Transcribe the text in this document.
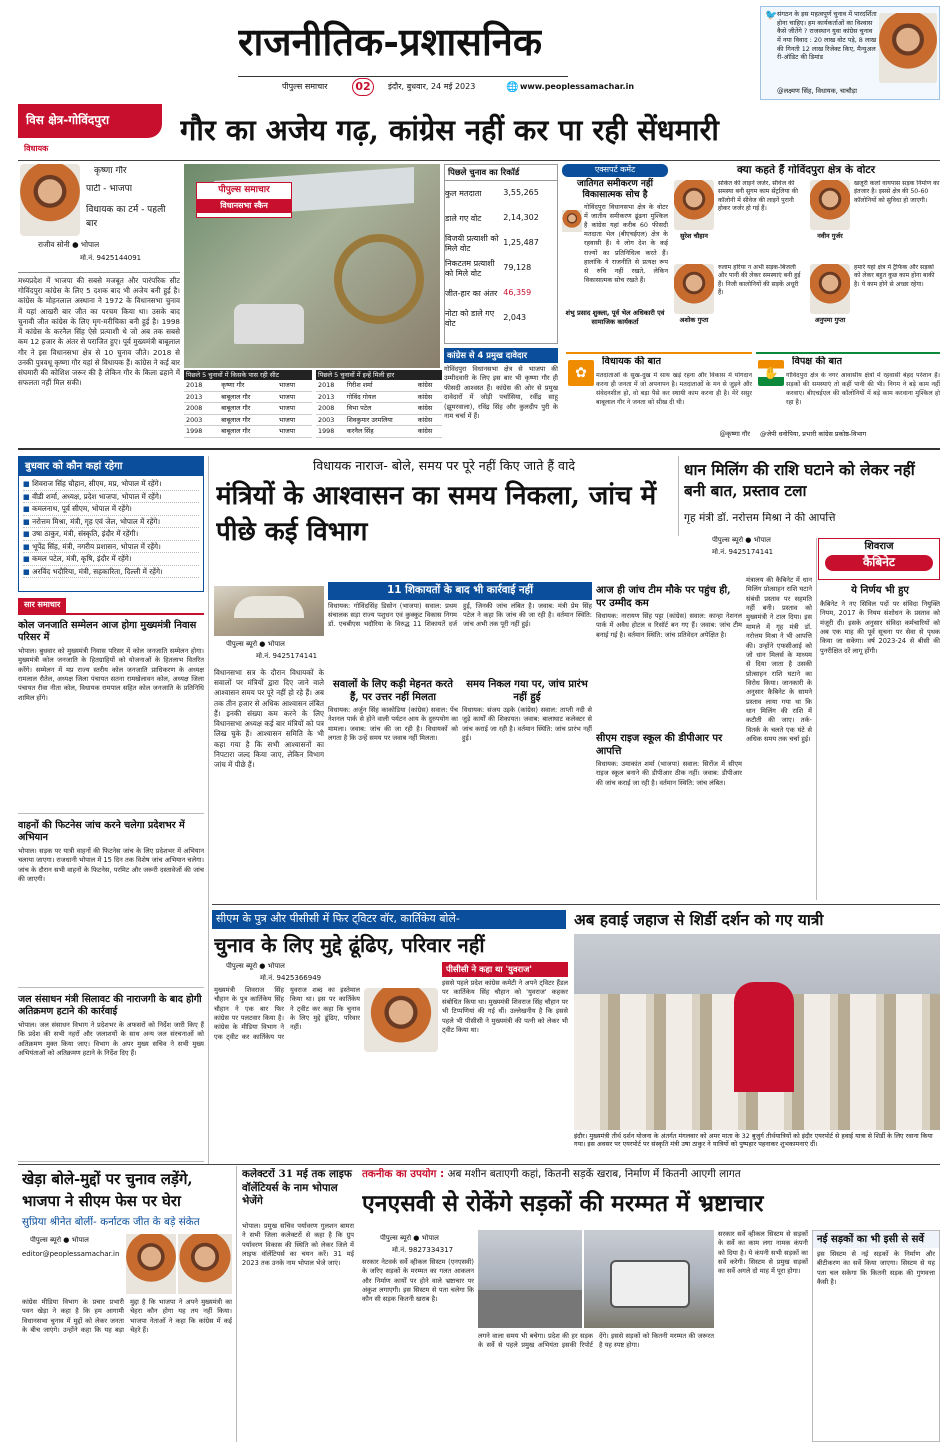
राजनीतिक-प्रशासनिक
पीपुल्स समाचार	02	इंदौर, बुधवार, 24 मई 2023	🌐 www.peoplessamachar.in
🐦 संगठन के इस महत्वपूर्ण चुनाव में पारदर्शिता होना चाहिए। हम कार्यकर्ताओं का विश्वास कैसे जीतेंगे ? राजस्थान युवा कांग्रेस चुनाव में नया विवाद : 20 लाख वोट पड़े, 8 लाख की गिनती 12 लाख रिजेक्ट किए, मैन्युअल री-ऑडिट की डिमांड
@लक्ष्मण सिंह, विधायक, चाचौड़ा
विस क्षेत्र-गोविंदपुरा	गौर का अजेय गढ़, कांग्रेस नहीं कर पा रही सेंधमारी
विधायक
कृष्णा गौर
पार्टी - भाजपा
विधायक का टर्म - पहली बार
राजीव सोनी ● भोपाल
मो.नं. 9425144091
मध्यप्रदेश में भाजपा की सबसे मजबूत और पारंपरिक सीट गोविंदपुरा कांग्रेस के लिए 5 दशक बाद भी अजेय बनी हुई है। कांग्रेस के मोहनलाल अस्थाना ने 1972 के विधानसभा चुनाव में यहां आखरी बार जीत का परचम किया था। उसके बाद चुनावी जीत कांग्रेस के लिए मृग-मरीचिका बनी हुई है। 1998 में कांग्रेस के करनैल सिंह ऐसे प्रत्याशी थे जो अब तक सबसे कम 12 हजार के अंतर से पराजित हुए। पूर्व मुख्यमंत्री बाबूलाल गौर ने इस विधानसभा क्षेत्र से 10 चुनाव जीते। 2018 से उनकी पुत्रवधू कृष्णा गौर यहां से विधायक हैं। कांग्रेस ने कई बार संघमारी की कोशिश जरूर की है लेकिन गौर के किला ढहाने में सफलता नहीं मिल सकी।
पीपुल्स समाचार
विधानसभा स्कैन
पिछले चुनाव का रिकॉर्ड
कुल मतदाता	3,55,265
डाले गए वोट	2,14,302
विजयी प्रत्याशी को मिले वोट	1,25,487
निकटतम प्रत्याशी को मिले वोट	79,128
जीत-हार का अंतर	46,359
नोटा को डाले गए वोट	2,043
पिछले 5 चुनावों में किसके पास रही सीट
2018	कृष्णा गौर	भाजपा
2013	बाबूलाल गौर	भाजपा
2008	बाबूलाल गौर	भाजपा
2003	बाबूलाल गौर	भाजपा
1998	बाबूलाल गौर	भाजपा
पिछले 5 चुनावों में इन्हें मिली हार
2018	गिरीश शर्मा	कांग्रेस
2013	गोविंद गोयल	कांग्रेस
2008	विभा पटेल	कांग्रेस
2003	शिवकुमार उरमलिया	कांग्रेस
1998	करनैल सिंह	कांग्रेस
कांग्रेस से 4 प्रमुख दावेदार
गोविंदपुरा विधानसभा क्षेत्र से भाजपा की उम्मीदवारी के लिए इस बार भी कृष्णा गौर ही फीसदी आश्वस्त हैं। कांग्रेस की ओर से प्रमुख दावेदारों में जोड़ी पर्चासिया, रवींद्र साहू (झूमरवाला), रविंद्र सिंह और कुलदीप पुरी के नाम चर्चा में हैं।
एक्सपर्ट कमेंट
जातिगत समीकरण नहीं विकासात्मक सोच है
गोविंदपुरा विधानसभा क्षेत्र के वोटर में जातीय समीकरण ढूंढना मुश्किल है कांग्रेस यहां करीब 60 फीसदी मतदाता भेल (बीएचईएल) क्षेत्र के रहवासी हैं। ये लोग देश के कई राज्यों का प्रतिनिधित्व करते हैं। हालांकि ये राजनीति से प्रत्यक्ष रूप से रुचि नहीं रखते, लेकिन विकासात्मक सोच रखते हैं।
शंभु प्रसाद शुक्ला, पूर्व भेल अधिकारी एवं सामाजिक कार्यकर्ता
क्या कहते हैं गोविंदपुरा क्षेत्र के वोटर
सुरेश चौहान
सोकेत की लाइनें जर्जर, सीवेज की समस्या बनी सुगम काम सेंट्रलिया की कॉलोनी में सीवेज की लाइनें पुरानी होकर जर्जर हो गई हैं।
नवीन गुर्जर
खजूरी कलां वायपास सड़क निर्माण का इंतजार है। इससे क्षेत्र की 50-60 कॉलोनियों को सुविधा हो जाएगी।
अशोक गुप्ता
रुलाम हरिया न अभी सड़क-बिजली और पानी की लेकर समस्याएं बनी हुई हैं। निजी कालोनियों की सड़कें अधूरी हैं।
अनुपमा गुप्ता
हमारे यहां क्षेत्र में ट्रैफिक और सड़कों को लेकर बहुत कुछ काम होना बाकी है। ये काम होने से अच्छा रहेगा।
✿
विधायक की बात
मतदाताओं के सुख-दुख में साथ खड़े रहना और विकास में योगदान करना ही जनता में जो अपनापन है। मतदाताओं के मन से जुड़ने और संवेदनशील हो, वो बड़ा पैसे कर स्थायी काम करना ही है। मेरे ससुर बाबूलाल गौर ने जनता को सीख दी थी।
@कृष्णा गौर
✋
विपक्ष की बात
गोविंदपुरा क्षेत्र के नगर आवासीय क्षेत्रों में रहवासी बेहद परेशान हैं। सड़कों की समस्याएं तो कहीं पानी की भी। निगम ने बड़े काम नहीं करवाए। बीएचईएल की कॉलोनियों में बड़े काम करवाना मुश्किल हो रहा है।
@जेपी धनोपिया, प्रभारी कांग्रेस प्रकोष्ठ-विभाग
बुधवार को कौन कहां रहेगा
■ शिवराज सिंह चौहान, सीएम, मप्र, भोपाल में रहेंगे।
■ वीडी शर्मा, अध्यक्ष, प्रदेश भाजपा, भोपाल में रहेंगे।
■ कमलनाथ, पूर्व सीएम, भोपाल में रहेंगे।
■ नरोत्तम मिश्रा, मंत्री, गृह एवं जेल, भोपाल में रहेंगे।
■ उषा ठाकुर, मंत्री, संस्कृति, इंदौर में रहेंगी।
■ भूपेंद्र सिंह, मंत्री, नगरीय प्रशासन, भोपाल में रहेंगे।
■ कमल पटेल, मंत्री, कृषि, इंदौर में रहेंगे।
■ अरविंद भदौरिया, मंत्री, सहकारिता, दिल्ली में रहेंगे।
सार समाचार
कोल जनजाति सम्मेलन आज होगा मुख्यमंत्री निवास परिसर में
भोपाल। बुधवार को मुख्यमंत्री निवास परिसर में कोल जनजाति सम्मेलन होगा। मुख्यमंत्री कोल जनजाति के हितग्राहियों को योजनाओं के हितलाभ वितरित करेंगे। सम्मेलन में मप्र राज्य स्तरीय कोल जनजाति प्राधिकरण के अध्यक्ष रामलाल रौतेल, अध्यक्ष जिला पंचायत सतना रामखेलावन कोल, अध्यक्ष जिला पंचायत रीवा नीता कोल, विधायक रामपाल सहित कोल जनजाति के प्रतिनिधि शामिल होंगे।
वाहनों की फिटनेस जांच करने चलेगा प्रदेशभर में अभियान
भोपाल। सड़क पर यात्री वाहनों की फिटनेस जांच के लिए प्रदेशभर में अभियान चलाया जाएगा। राजधानी भोपाल में 15 दिन तक विशेष जांच अभियान चलेगा। जांच के दौरान सभी वाहनों के फिटनेस, परमिट और जरूरी दस्तावेजों की जांच की जाएगी।
जल संसाधन मंत्री सिलावट की नाराजगी के बाद होगी अतिक्रमण हटाने की कार्रवाई
भोपाल। जल संसाधन विभाग ने प्रदेशभर के अफसरों को निर्देश जारी किए हैं कि प्रदेश की सभी नहरों और जलाशयों के साथ अन्य जल संरचनाओं को अतिक्रमण मुक्त किया जाए। विभाग के अपर मुख्य सचिव ने सभी मुख्य अभियंताओं को अतिक्रमण हटाने के निर्देश दिए हैं।
विधायक नाराज- बोले, समय पर पूरे नहीं किए जाते हैं वादे
मंत्रियों के आश्वासन का समय निकला, जांच में पीछे कई विभाग
पीपुल्स ब्यूरो ● भोपाल
मो.नं. 9425174141
11 शिकायतों के बाद भी कार्रवाई नहीं
विधायक: गोविंदसिंह डिसोन (भाजपा) सवाल: प्रथम संचालक सड़ा राज्य पशुधन एवं कुक्कुट विकास निगम डॉ. एचबीएस भदौरिया के विरुद्ध 11 शिकायतें दर्ज हुईं, जिनकी जांच लंबित है। जवाब: मंत्री प्रेम सिंह पटेल ने कहा कि जांच की जा रही है। वर्तमान स्थिति: जांच अभी तक पूरी नहीं हुई।
विधानसभा सत्र के दौरान विधायकों के सवालों पर मंत्रियों द्वारा दिए जाने वाले आश्वासन समय पर पूरे नहीं हो रहे हैं। अब तक तीन हजार से अधिक आश्वासन लंबित हैं। इनकी संख्या कम करने के लिए विधानसभा अध्यक्ष कई बार मंत्रियों को पत्र लिख चुके हैं। आश्वासन समिति के भी कहा गया है कि सभी आश्वासनों का निपटारा जल्द किया जाए, लेकिन विभाग जांच में पीछे हैं।
सवालों के लिए कड़ी मेहनत करते हैं, पर उत्तर नहीं मिलता
विधायक: अर्जुन सिंह काकोडिया (कांग्रेस) सवाल: पेंच नेशनल पार्क से होने वाली पर्यटन आय के दुरुपयोग का मामला। जवाब: जांच की जा रही है। विधायकों को लगता है कि उन्हें समय पर जवाब नहीं मिलता।
समय निकल गया पर, जांच प्रारंभ नहीं हुई
विधायक: संजय उइके (कांग्रेस) सवाल: ताप्ती नदी से जुड़े कार्यों की शिकायत। जवाब: बालाघाट कलेक्टर से जांच कराई जा रही है। वर्तमान स्थिति: जांच प्रारंभ नहीं हुई।
आज ही जांच टीम मौके पर पहुंच ही, पर उम्मीद कम
विधायक: नारायण सिंह पट्टा (कांग्रेस) सवाल: कान्हा नेशनल पार्क में अवैध होटल व रिसॉर्ट बन गए हैं। जवाब: जांच टीम बनाई गई है। वर्तमान स्थिति: जांच प्रतिवेदन अपेक्षित है।
सीएम राइज स्कूल की डीपीआर पर आपत्ति
विधायक: उमाकांत शर्मा (भाजपा) सवाल: सिरोंज में सीएम राइज स्कूल बनाने की डीपीआर ठीक नहीं। जवाब: डीपीआर की जांच कराई जा रही है। वर्तमान स्थिति: जांच लंबित।
धान मिलिंग की राशि घटाने को लेकर नहीं बनी बात, प्रस्ताव टला
गृह मंत्री डॉ. नरोत्तम मिश्रा ने की आपत्ति
पीपुल्स ब्यूरो ● भोपाल
मो.नं. 9425174141	शिवराज
कैबिनेट
मंत्रालय की कैबिनेट में धान मिलिंग प्रोत्साहन राशि घटाने संबंधी प्रस्ताव पर सहमति नहीं बनी। प्रस्ताव को मुख्यमंत्री ने टाल दिया। इस मामले में गृह मंत्री डॉ. नरोत्तम मिश्रा ने भी आपत्ति की। उन्होंने एफसीआई को जो धान मिलर्स के माध्यम से दिया जाता है उसकी प्रोत्साहन राशि घटाने का विरोध किया। जानकारी के अनुसार कैबिनेट के सामने प्रस्ताव लाया गया था कि धान मिलिंग की राशि में कटौती की जाए। तर्क-वितर्क के चलते एक घंटे से अधिक समय तक चर्चा हुई।
ये निर्णय भी हुए
कैबिनेट ने नए सिविल पदों पर संविदा नियुक्ति नियम, 2017 के नियम संशोधन के प्रस्ताव को मंजूरी दी। इसके अनुसार संविदा कर्मचारियों को अब एक माह की पूर्व सूचना पर सेवा से पृथक किया जा सकेगा। वर्ष 2023-24 से बीसी की पुनरीक्षित दरें लागू होंगी।
सीएम के पुत्र और पीसीसी में फिर ट्विटर वॉर, कार्तिकेय बोले-
चुनाव के लिए मुद्दे ढूंढिए, परिवार नहीं
पीपुल्स ब्यूरो ● भोपाल
मो.नं. 9425366949
मुख्यमंत्री शिवराज सिंह चौहान के पुत्र कार्तिकेय सिंह चौहान ने एक बार फिर कांग्रेस पर पलटवार किया है। कांग्रेस के मीडिया विभाग ने एक ट्वीट कर कार्तिकेय पर युवराज शब्द का इस्तेमाल किया था। इस पर कार्तिकेय ने ट्वीट कर कहा कि चुनाव के लिए मुद्दे ढूंढिए, परिवार नहीं।
पीसीसी ने कहा था 'युवराज'
इससे पहले प्रदेश कांग्रेस कमेटी ने अपने ट्विटर हैंडल पर कार्तिकेय सिंह चौहान को 'युवराज' कहकर संबोधित किया था। मुख्यमंत्री शिवराज सिंह चौहान पर भी टिप्पणियां की गई थीं। उल्लेखनीय है कि इससे पहले भी पीसीसी ने मुख्यमंत्री की पत्नी को लेकर भी ट्वीट किया था।
अब हवाई जहाज से शिर्डी दर्शन को गए यात्री
इंदौर। मुख्यमंत्री तीर्थ दर्शन योजना के अंतर्गत मंगलवार को अमर माता के 32 बुजुर्ग तीर्थयात्रियों को इंदौर एयरपोर्ट से हवाई यात्रा से शिर्डी के लिए रवाना किया गया। इस अवसर पर एयरपोर्ट पर संस्कृति मंत्री उषा ठाकुर ने यात्रियों को पुष्पहार पहनाकर शुभकामनाएं दीं।
खेड़ा बोले-मुद्दों पर चुनाव लड़ेंगे,
भाजपा ने सीएम फेस पर घेरा
सुप्रिया श्रीनेत बोलीं- कर्नाटक जीत के बड़े संकेत
पीपुल्स ब्यूरो ● भोपाल
editor@peoplessamachar.in
कांग्रेस मीडिया विभाग के प्रचार प्रभारी पवन खेड़ा ने कहा है कि हम आगामी विधानसभा चुनाव में मुद्दों को लेकर जनता के बीच जाएंगे। उन्होंने कहा कि यह बड़ा मुद्दा है कि भाजपा ने अपने मुख्यमंत्री का चेहरा कौन होगा यह तय नहीं किया। भाजपा नेताओं ने कहा कि कांग्रेस में कई चेहरे हैं।
कलेक्टरों 31 मई तक लाइफ वॉलेंटियर्स के नाम भोपाल भेजेंगे
भोपाल। प्रमुख सचिव पर्यावरण गुलशन बामरा ने सभी जिला कलेक्टरों से कहा है कि ग्रुप पर्यावरण विकास की स्थिति को लेकर जिले में लाइफ वॉलेंटियर्स का चयन करें। 31 मई 2023 तक उनके नाम भोपाल भेजे जाएं।
तकनीक का उपयोग : अब मशीन बताएगी कहां, कितनी सड़कें खराब, निर्माण में कितनी आएगी लागत
एनएसवी से रोकेंगे सड़कों की मरम्मत में भ्रष्टाचार
पीपुल्स ब्यूरो ● भोपाल
मो.नं. 9827334317
सरकार नेटवर्क सर्वे व्हीकल सिस्टम (एनएसवी) के जरिए सड़कों के मरम्मत का गलत आकलन और निर्माण कार्यों पर होने वाले भ्रष्टाचार पर अंकुश लगाएगी। इस सिस्टम से पता चलेगा कि कौन सी सड़क कितनी खराब है।
लगने वाला समय भी बचेगा। प्रदेश की हर सड़क के सर्वे से पहले प्रमुख अभियंता इसकी रिपोर्ट देंगे। इससे सड़कों को कितनी मरम्मत की जरूरत है यह स्पष्ट होगा।
सरकार सर्वे व्हीकल सिस्टम से सड़कों के सर्वे का काम लगा नामक कंपनी को दिया है। ये कंपनी सभी सड़कों का सर्वे करेगी। सिस्टम से प्रमुख सड़कों का सर्वे अगले दो माह में पूरा होगा।
नई सड़कों का भी इसी से सर्वे
इस सिस्टम से नई सड़कों के निर्माण और बीटीकरण का सर्वे किया जाएगा। सिस्टम से यह पता चल सकेगा कि कितनी सड़क की गुणवत्ता कैसी है।
